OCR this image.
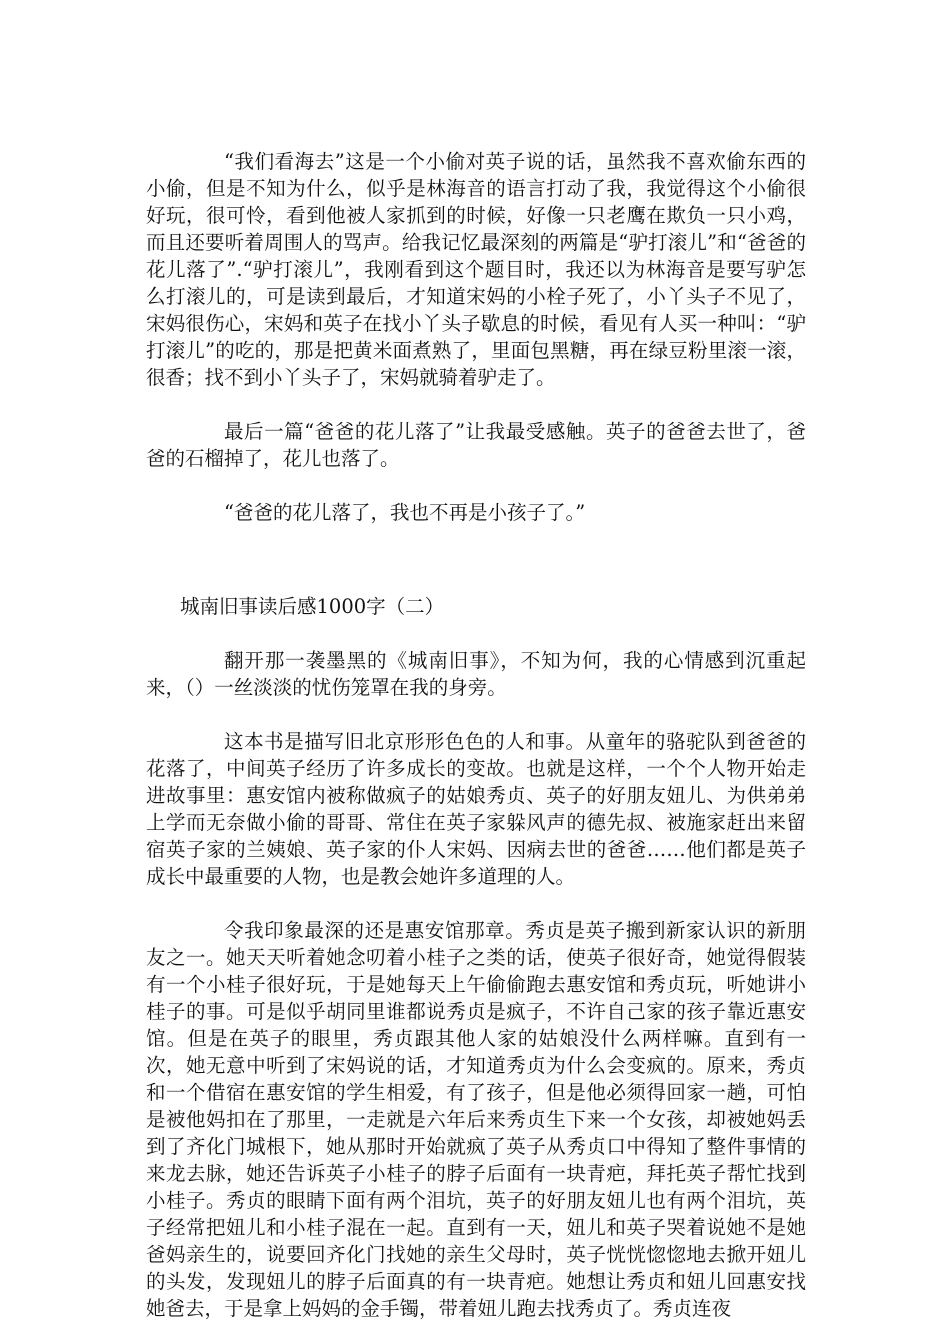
“我们看海去”这是一个小偷对英子说的话，虽然我不喜欢偷东西的小偷，但是不知为什么，似乎是林海音的语言打动了我，我觉得这个小偷很好玩，很可怜，看到他被人家抓到的时候，好像一只老鹰在欺负一只小鸡，而且还要听着周围人的骂声。给我记忆最深刻的两篇是“驴打滚儿”和“爸爸的花儿落了”.“驴打滚儿”，我刚看到这个题目时，我还以为林海音是要写驴怎么打滚儿的，可是读到最后，才知道宋妈的小栓子死了，小丫头子不见了，宋妈很伤心，宋妈和英子在找小丫头子歇息的时候，看见有人买一种叫：“驴打滚儿”的吃的，那是把黄米面煮熟了，里面包黑糖，再在绿豆粉里滚一滚，很香；找不到小丫头子了，宋妈就骑着驴走了。

最后一篇“爸爸的花儿落了”让我最受感触。英子的爸爸去世了，爸爸的石榴掉了，花儿也落了。

“爸爸的花儿落了，我也不再是小孩子了。”

城南旧事读后感1000字（二）

翻开那一袭墨黑的《城南旧事》，不知为何，我的心情感到沉重起来，（）一丝淡淡的忧伤笼罩在我的身旁。

这本书是描写旧北京形形色色的人和事。从童年的骆驼队到爸爸的花落了，中间英子经历了许多成长的变故。也就是这样，一个个人物开始走进故事里：惠安馆内被称做疯子的姑娘秀贞、英子的好朋友妞儿、为供弟弟上学而无奈做小偷的哥哥、常住在英子家躲风声的德先叔、被施家赶出来留宿英子家的兰姨娘、英子家的仆人宋妈、因病去世的爸爸……他们都是英子成长中最重要的人物，也是教会她许多道理的人。

令我印象最深的还是惠安馆那章。秀贞是英子搬到新家认识的新朋友之一。她天天听着她念叨着小桂子之类的话，使英子很好奇，她觉得假装有一个小桂子很好玩，于是她每天上午偷偷跑去惠安馆和秀贞玩，听她讲小桂子的事。可是似乎胡同里谁都说秀贞是疯子，不许自己家的孩子靠近惠安馆。但是在英子的眼里，秀贞跟其他人家的姑娘没什么两样嘛。直到有一次，她无意中听到了宋妈说的话，才知道秀贞为什么会变疯的。原来，秀贞和一个借宿在惠安馆的学生相爱，有了孩子，但是他必须得回家一趟，可怕是被他妈扣在了那里，一走就是六年后来秀贞生下来一个女孩，却被她妈丢到了齐化门城根下，她从那时开始就疯了英子从秀贞口中得知了整件事情的来龙去脉，她还告诉英子小桂子的脖子后面有一块青疤，拜托英子帮忙找到小桂子。秀贞的眼睛下面有两个泪坑，英子的好朋友妞儿也有两个泪坑，英子经常把妞儿和小桂子混在一起。直到有一天，妞儿和英子哭着说她不是她爸妈亲生的，说要回齐化门找她的亲生父母时，英子恍恍惚惚地去掀开妞儿的头发，发现妞儿的脖子后面真的有一块青疤。她想让秀贞和妞儿回惠安找她爸去，于是拿上妈妈的金手镯，带着妞儿跑去找秀贞了。秀贞连夜
